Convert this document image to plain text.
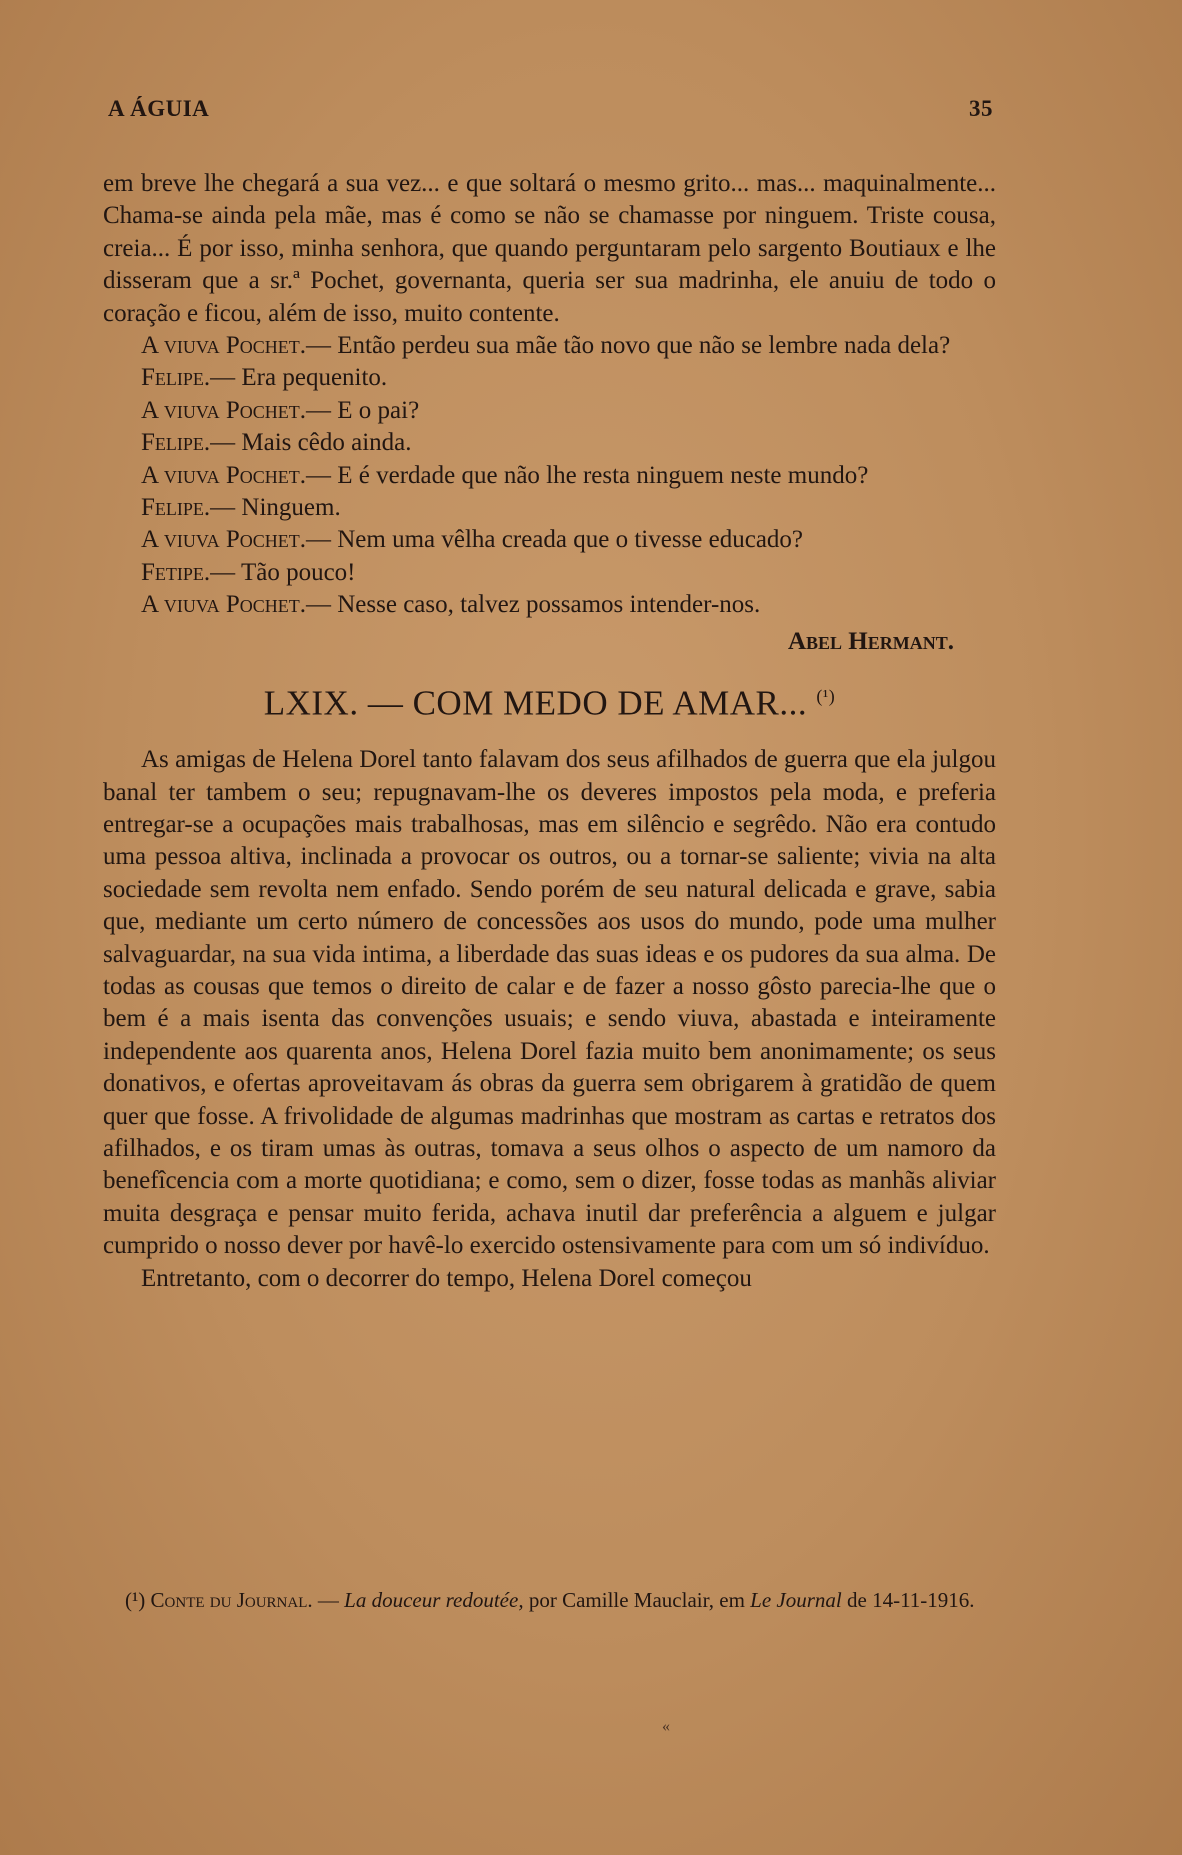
A ÁGUIA	35

em breve lhe chegará a sua vez... e que soltará o mesmo grito... mas... maquinalmente... Chama-se ainda pela mãe, mas é como se não se chamasse por ninguem. Triste cousa, creia... É por isso, minha senhora, que quando perguntaram pelo sargento Boutiaux e lhe disseram que a sr.ª Pochet, governanta, queria ser sua madrinha, ele anuiu de todo o coração e ficou, além de isso, muito contente.

A viuva Pochet.— Então perdeu sua mãe tão novo que não se lembre nada dela?

Felipe.— Era pequenito.

A viuva Pochet.— E o pai?

Felipe.— Mais cêdo ainda.

A viuva Pochet.— E é verdade que não lhe resta ninguem neste mundo?

Felipe.— Ninguem.

A viuva Pochet.— Nem uma vêlha creada que o tivesse educado?

Fetipe.— Tão pouco!

A viuva Pochet.— Nesse caso, talvez possamos intender-nos.

Abel Hermant.

LXIX. — COM MEDO DE AMAR... $^{(^1)}$

As amigas de Helena Dorel tanto falavam dos seus afilhados de guerra que ela julgou banal ter tambem o seu; repugnavam-lhe os deveres impostos pela moda, e preferia entregar-se a ocupações mais trabalhosas, mas em silêncio e segrêdo. Não era contudo uma pessoa altiva, inclinada a provocar os outros, ou a tornar-se saliente; vivia na alta sociedade sem revolta nem enfado. Sendo porém de seu natural delicada e grave, sabia que, mediante um certo número de concessões aos usos do mundo, pode uma mulher salvaguardar, na sua vida intima, a liberdade das suas ideas e os pudores da sua alma. De todas as cousas que temos o direito de calar e de fazer a nosso gôsto parecia-lhe que o bem é a mais isenta das convenções usuais; e sendo viuva, abastada e inteiramente independente aos quarenta anos, Helena Dorel fazia muito bem anonimamente; os seus donativos, e ofertas aproveitavam ás obras da guerra sem obrigarem à gratidão de quem quer que fosse. A frivolidade de algumas madrinhas que mostram as cartas e retratos dos afilhados, e os tiram umas às outras, tomava a seus olhos o aspecto de um namoro da benefîcencia com a morte quotidiana; e como, sem o dizer, fosse todas as manhãs aliviar muita desgraça e pensar muito ferida, achava inutil dar preferência a alguem e julgar cumprido o nosso dever por havê-lo exercido ostensivamente para com um só indivíduo.

Entretanto, com o decorrer do tempo, Helena Dorel começou

(¹) Conte du Journal. — La douceur redoutée, por Camille Mauclair, em Le Journal de 14-11-1916.
«
